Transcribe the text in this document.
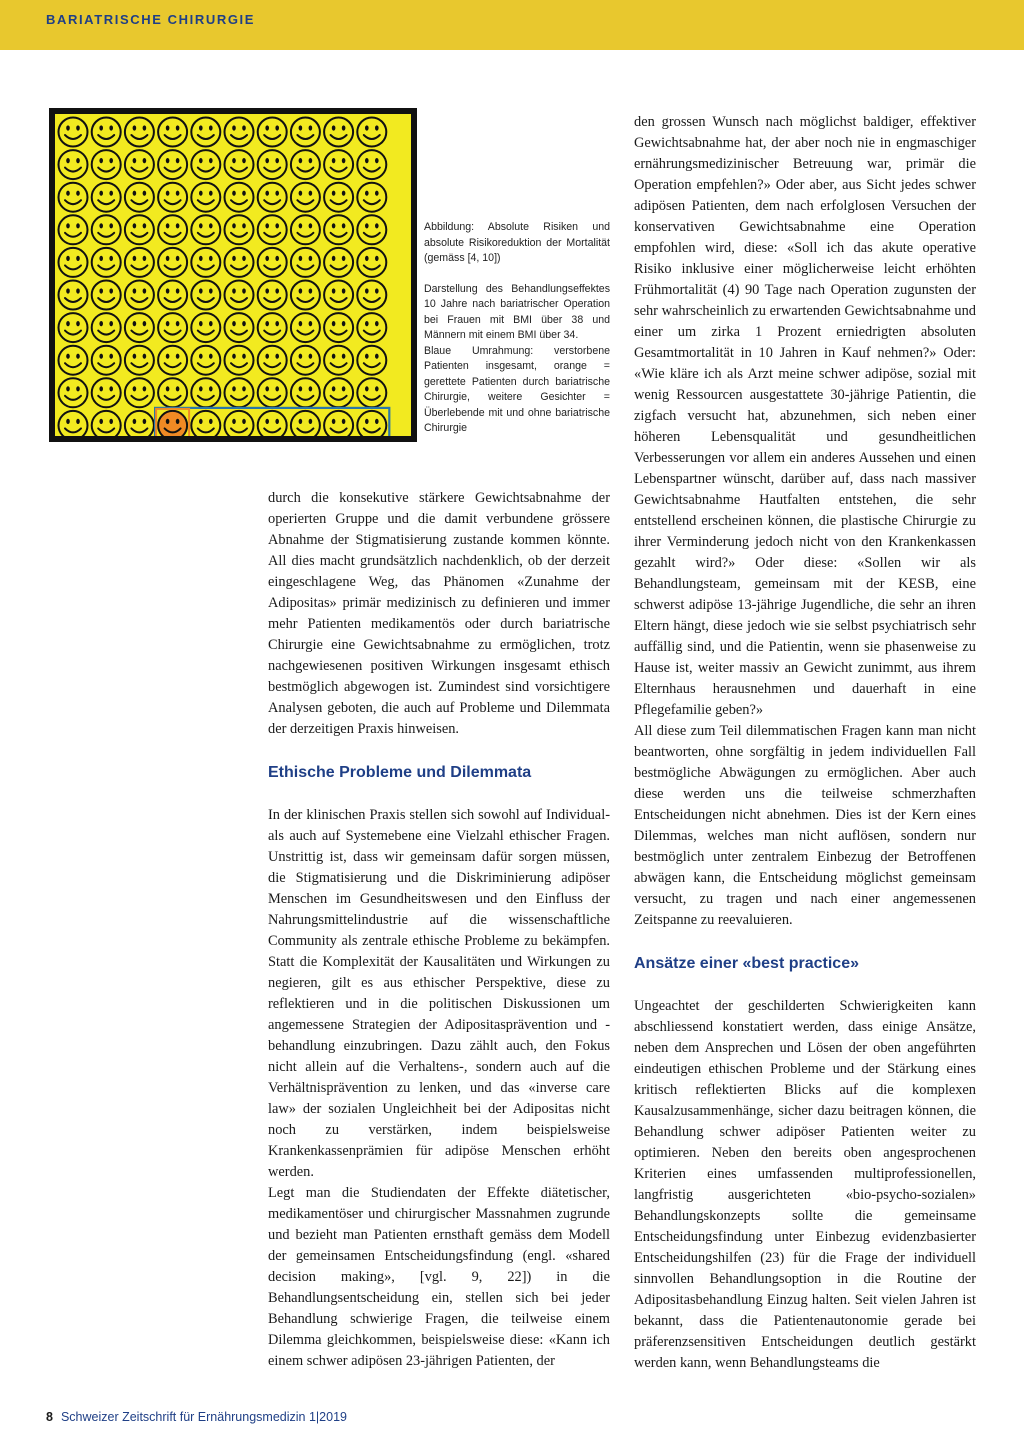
BARIATRISCHE CHIRURGIE

Abbildung: Absolute Risiken und absolute Risikoreduktion der Mortalität (gemäss [4, 10])

Darstellung des Behandlungseffektes 10 Jahre nach bariatrischer Operation bei Frauen mit BMI über 38 und Männern mit einem BMI über 34.

Blaue Umrahmung: verstorbene Patienten insgesamt, orange = gerettete Patienten durch bariatrische Chirurgie, weitere Gesichter = Überlebende mit und ohne bariatrische Chirurgie

durch die konsekutive stärkere Gewichtsabnahme der operierten Gruppe und die damit verbundene grössere Abnahme der Stigmatisierung zustande kommen könnte. All dies macht grundsätzlich nachdenklich, ob der derzeit eingeschlagene Weg, das Phänomen «Zunahme der Adipositas» primär medizinisch zu definieren und immer mehr Patienten medikamentös oder durch bariatrische Chirurgie eine Gewichtsabnahme zu ermöglichen, trotz nachgewiesenen positiven Wirkungen insgesamt ethisch bestmöglich abgewogen ist. Zumindest sind vorsichtigere Analysen geboten, die auch auf Probleme und Dilemmata der derzeitigen Praxis hinweisen.

Ethische Probleme und Dilemmata

In der klinischen Praxis stellen sich sowohl auf Individual- als auch auf Systemebene eine Vielzahl ethischer Fragen. Unstrittig ist, dass wir gemeinsam dafür sorgen müssen, die Stigmatisierung und die Diskriminierung adipöser Menschen im Gesundheitswesen und den Einfluss der Nahrungsmittelindustrie auf die wissenschaftliche Community als zentrale ethische Probleme zu bekämpfen. Statt die Komplexität der Kausalitäten und Wirkungen zu negieren, gilt es aus ethischer Perspektive, diese zu reflektieren und in die politischen Diskussionen um angemessene Strategien der Adipositasprävention und -behandlung einzubringen. Dazu zählt auch, den Fokus nicht allein auf die Verhaltens-, sondern auch auf die Verhältnisprävention zu lenken, und das «inverse care law» der sozialen Ungleichheit bei der Adipositas nicht noch zu verstärken, indem beispielsweise Krankenkassenprämien für adipöse Menschen erhöht werden.

Legt man die Studiendaten der Effekte diätetischer, medikamentöser und chirurgischer Massnahmen zugrunde und bezieht man Patienten ernsthaft gemäss dem Modell der gemeinsamen Entscheidungsfindung (engl. «shared decision making», [vgl. 9, 22]) in die Behandlungsentscheidung ein, stellen sich bei jeder Behandlung schwierige Fragen, die teilweise einem Dilemma gleichkommen, beispielsweise diese: «Kann ich einem schwer adipösen 23-jährigen Patienten, der

den grossen Wunsch nach möglichst baldiger, effektiver Gewichtsabnahme hat, der aber noch nie in engmaschiger ernährungsmedizinischer Betreuung war, primär die Operation empfehlen?» Oder aber, aus Sicht jedes schwer adipösen Patienten, dem nach erfolglosen Versuchen der konservativen Gewichtsabnahme eine Operation empfohlen wird, diese: «Soll ich das akute operative Risiko inklusive einer möglicherweise leicht erhöhten Frühmortalität (4) 90 Tage nach Operation zugunsten der sehr wahrscheinlich zu erwartenden Gewichtsabnahme und einer um zirka 1 Prozent erniedrigten absoluten Gesamtmortalität in 10 Jahren in Kauf nehmen?» Oder: «Wie kläre ich als Arzt meine schwer adipöse, sozial mit wenig Ressourcen ausgestattete 30-jährige Patientin, die zigfach versucht hat, abzunehmen, sich neben einer höheren Lebensqualität und gesundheitlichen Verbesserungen vor allem ein anderes Aussehen und einen Lebenspartner wünscht, darüber auf, dass nach massiver Gewichtsabnahme Hautfalten entstehen, die sehr entstellend erscheinen können, die plastische Chirurgie zu ihrer Verminderung jedoch nicht von den Krankenkassen gezahlt wird?» Oder diese: «Sollen wir als Behandlungsteam, gemeinsam mit der KESB, eine schwerst adipöse 13-jährige Jugendliche, die sehr an ihren Eltern hängt, diese jedoch wie sie selbst psychiatrisch sehr auffällig sind, und die Patientin, wenn sie phasenweise zu Hause ist, weiter massiv an Gewicht zunimmt, aus ihrem Elternhaus herausnehmen und dauerhaft in eine Pflegefamilie geben?»

All diese zum Teil dilemmatischen Fragen kann man nicht beantworten, ohne sorgfältig in jedem individuellen Fall bestmögliche Abwägungen zu ermöglichen. Aber auch diese werden uns die teilweise schmerzhaften Entscheidungen nicht abnehmen. Dies ist der Kern eines Dilemmas, welches man nicht auflösen, sondern nur bestmöglich unter zentralem Einbezug der Betroffenen abwägen kann, die Entscheidung möglichst gemeinsam versucht, zu tragen und nach einer angemessenen Zeitspanne zu reevaluieren.

Ansätze einer «best practice»

Ungeachtet der geschilderten Schwierigkeiten kann abschliessend konstatiert werden, dass einige Ansätze, neben dem Ansprechen und Lösen der oben angeführten eindeutigen ethischen Probleme und der Stärkung eines kritisch reflektierten Blicks auf die komplexen Kausalzusammenhänge, sicher dazu beitragen können, die Behandlung schwer adipöser Patienten weiter zu optimieren. Neben den bereits oben angesprochenen Kriterien eines umfassenden multiprofessionellen, langfristig ausgerichteten «bio-psycho-sozialen» Behandlungskonzepts sollte die gemeinsame Entscheidungsfindung unter Einbezug evidenzbasierter Entscheidungshilfen (23) für die Frage der individuell sinnvollen Behandlungsoption in die Routine der Adipositasbehandlung Einzug halten. Seit vielen Jahren ist bekannt, dass die Patientenautonomie gerade bei präferenzsensitiven Entscheidungen deutlich gestärkt werden kann, wenn Behandlungsteams die

8 Schweizer Zeitschrift für Ernährungsmedizin 1|2019
